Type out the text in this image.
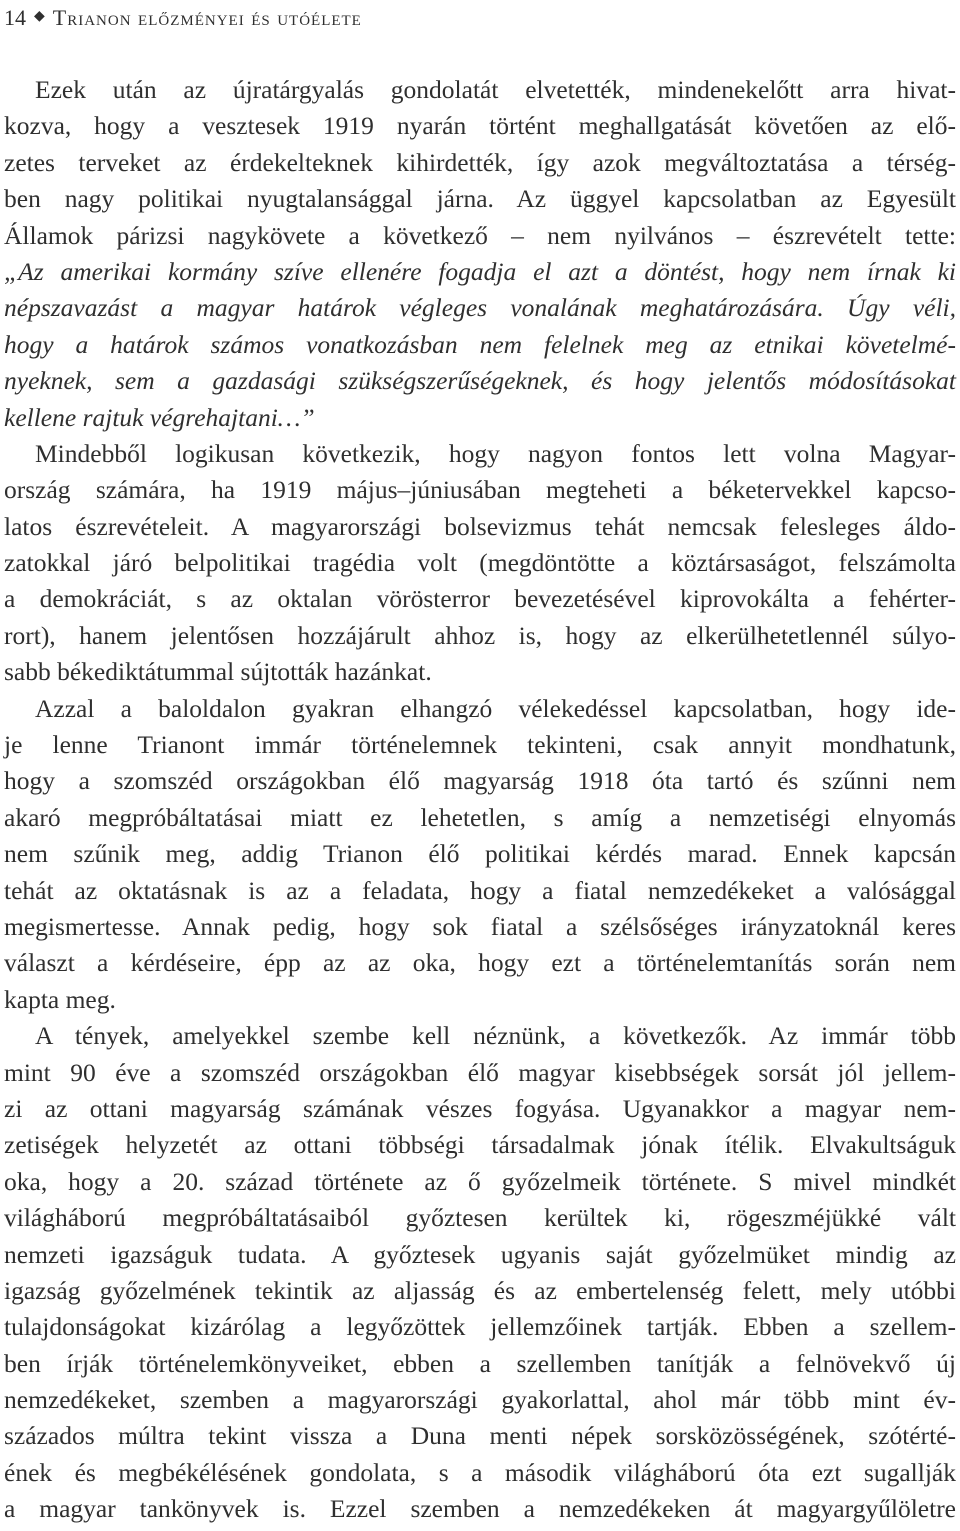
14 ◆ Trianon előzményei és utóélete
Ezek után az újratárgyalás gondolatát elvetették, mindenekelőtt arra hivat-
kozva, hogy a vesztesek 1919 nyarán történt meghallgatását követően az elő-
zetes terveket az érdekelteknek kihirdették, így azok megváltoztatása a térség-
ben nagy politikai nyugtalansággal járna. Az üggyel kapcsolatban az Egyesült
Államok párizsi nagykövete a következő – nem nyilvános – észrevételt tette:
„Az amerikai kormány szíve ellenére fogadja el azt a döntést, hogy nem írnak ki
népszavazást a magyar határok végleges vonalának meghatározására. Úgy véli,
hogy a határok számos vonatkozásban nem felelnek meg az etnikai követelmé-
nyeknek, sem a gazdasági szükségszerűségeknek, és hogy jelentős módosításokat
kellene rajtuk végrehajtani…”
Mindebből logikusan következik, hogy nagyon fontos lett volna Magyar-
ország számára, ha 1919 május–júniusában megteheti a béketervekkel kapcso-
latos észrevételeit. A magyarországi bolsevizmus tehát nemcsak felesleges áldo-
zatokkal járó belpolitikai tragédia volt (megdöntötte a köztársaságot, felszámolta
a demokráciát, s az oktalan vörösterror bevezetésével kiprovokálta a fehérter-
rort), hanem jelentősen hozzájárult ahhoz is, hogy az elkerülhetetlennél súlyo-
sabb békediktátummal sújtották hazánkat.
Azzal a baloldalon gyakran elhangzó vélekedéssel kapcsolatban, hogy ide-
je lenne Trianont immár történelemnek tekinteni, csak annyit mondhatunk,
hogy a szomszéd országokban élő magyarság 1918 óta tartó és szűnni nem
akaró megpróbáltatásai miatt ez lehetetlen, s amíg a nemzetiségi elnyomás
nem szűnik meg, addig Trianon élő politikai kérdés marad. Ennek kapcsán
tehát az oktatásnak is az a feladata, hogy a fiatal nemzedékeket a valósággal
megismertesse. Annak pedig, hogy sok fiatal a szélsőséges irányzatoknál keres
választ a kérdéseire, épp az az oka, hogy ezt a történelemtanítás során nem
kapta meg.
A tények, amelyekkel szembe kell néznünk, a következők. Az immár több
mint 90 éve a szomszéd országokban élő magyar kisebbségek sorsát jól jellem-
zi az ottani magyarság számának vészes fogyása. Ugyanakkor a magyar nem-
zetiségek helyzetét az ottani többségi társadalmak jónak ítélik. Elvakultságuk
oka, hogy a 20. század története az ő győzelmeik története. S mivel mindkét
világháború megpróbáltatásaiból győztesen kerültek ki, rögeszméjükké vált
nemzeti igazságuk tudata. A győztesek ugyanis saját győzelmüket mindig az
igazság győzelmének tekintik az aljasság és az embertelenség felett, mely utóbbi
tulajdonságokat kizárólag a legyőzöttek jellemzőinek tartják. Ebben a szellem-
ben írják történelemkönyveiket, ebben a szellemben tanítják a felnövekvő új
nemzedékeket, szemben a magyarországi gyakorlattal, ahol már több mint év-
százados múltra tekint vissza a Duna menti népek sorsközösségének, szótérté-
ének és megbékélésének gondolata, s a második világháború óta ezt sugallják
a magyar tankönyvek is. Ezzel szemben a nemzedékeken át magyargyűlöletre
